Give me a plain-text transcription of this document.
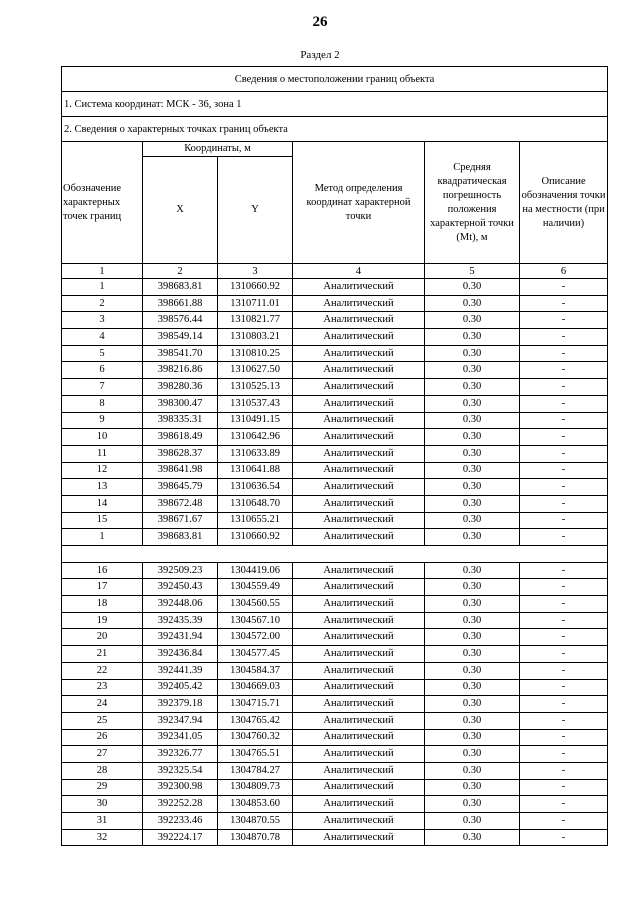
26
Раздел 2
Сведения о местоположении границ объекта					
1. Система координат: МСК - 36, зона 1					
2. Сведения о характерных точках границ объекта					
Обозначение характерных точек границ	Координаты, м		Метод определения координат характерной точки	Средняя квадратическая погрешность положения характерной точки (Mt), м	Описание обозначения точки на местности (при наличии)
	X	Y			
1	2	3	4	5	6
1	398683.81	1310660.92	Аналитический	0.30	-
2	398661.88	1310711.01	Аналитический	0.30	-
3	398576.44	1310821.77	Аналитический	0.30	-
4	398549.14	1310803.21	Аналитический	0.30	-
5	398541.70	1310810.25	Аналитический	0.30	-
6	398216.86	1310627.50	Аналитический	0.30	-
7	398280.36	1310525.13	Аналитический	0.30	-
8	398300.47	1310537.43	Аналитический	0.30	-
9	398335.31	1310491.15	Аналитический	0.30	-
10	398618.49	1310642.96	Аналитический	0.30	-
11	398628.37	1310633.89	Аналитический	0.30	-
12	398641.98	1310641.88	Аналитический	0.30	-
13	398645.79	1310636.54	Аналитический	0.30	-
14	398672.48	1310648.70	Аналитический	0.30	-
15	398671.67	1310655.21	Аналитический	0.30	-
1	398683.81	1310660.92	Аналитический	0.30	-

16	392509.23	1304419.06	Аналитический	0.30	-
17	392450.43	1304559.49	Аналитический	0.30	-
18	392448.06	1304560.55	Аналитический	0.30	-
19	392435.39	1304567.10	Аналитический	0.30	-
20	392431.94	1304572.00	Аналитический	0.30	-
21	392436.84	1304577.45	Аналитический	0.30	-
22	392441.39	1304584.37	Аналитический	0.30	-
23	392405.42	1304669.03	Аналитический	0.30	-
24	392379.18	1304715.71	Аналитический	0.30	-
25	392347.94	1304765.42	Аналитический	0.30	-
26	392341.05	1304760.32	Аналитический	0.30	-
27	392326.77	1304765.51	Аналитический	0.30	-
28	392325.54	1304784.27	Аналитический	0.30	-
29	392300.98	1304809.73	Аналитический	0.30	-
30	392252.28	1304853.60	Аналитический	0.30	-
31	392233.46	1304870.55	Аналитический	0.30	-
32	392224.17	1304870.78	Аналитический	0.30	-
